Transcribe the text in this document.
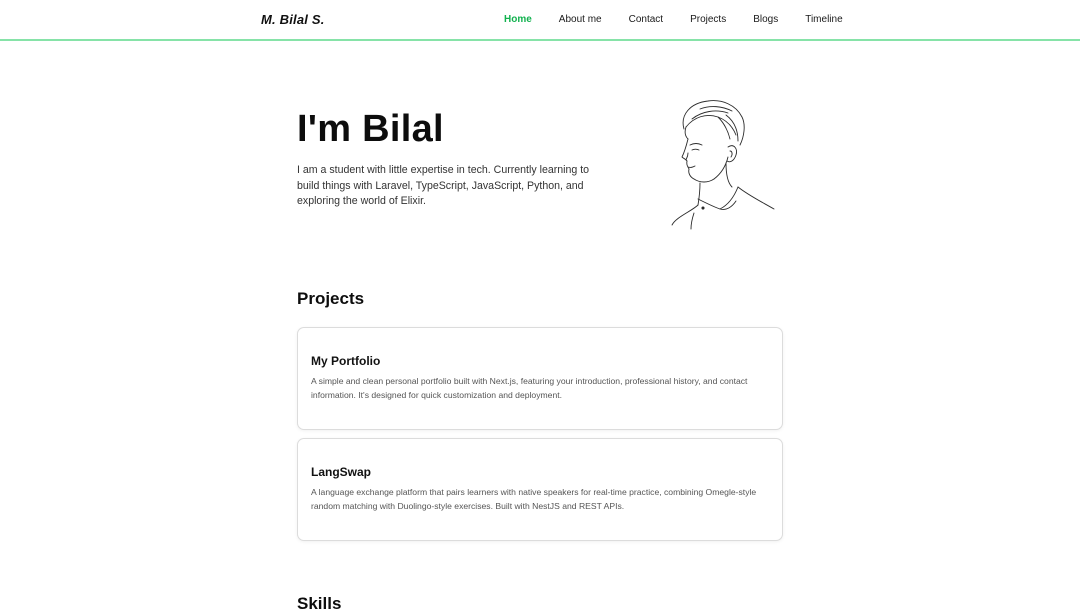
M. Bilal S.	Home	About me	Contact	Projects	Blogs	Timeline
I'm Bilal

I am a student with little expertise in tech. Currently learning to build things with Laravel, TypeScript, JavaScript, Python, and exploring the world of Elixir.

Projects
My Portfolio
A simple and clean personal portfolio built with Next.js, featuring your introduction, professional history, and contact information. It's designed for quick customization and deployment.
LangSwap
A language exchange platform that pairs learners with native speakers for real-time practice, combining Omegle-style random matching with Duolingo-style exercises. Built with NestJS and REST APIs.
Skills
